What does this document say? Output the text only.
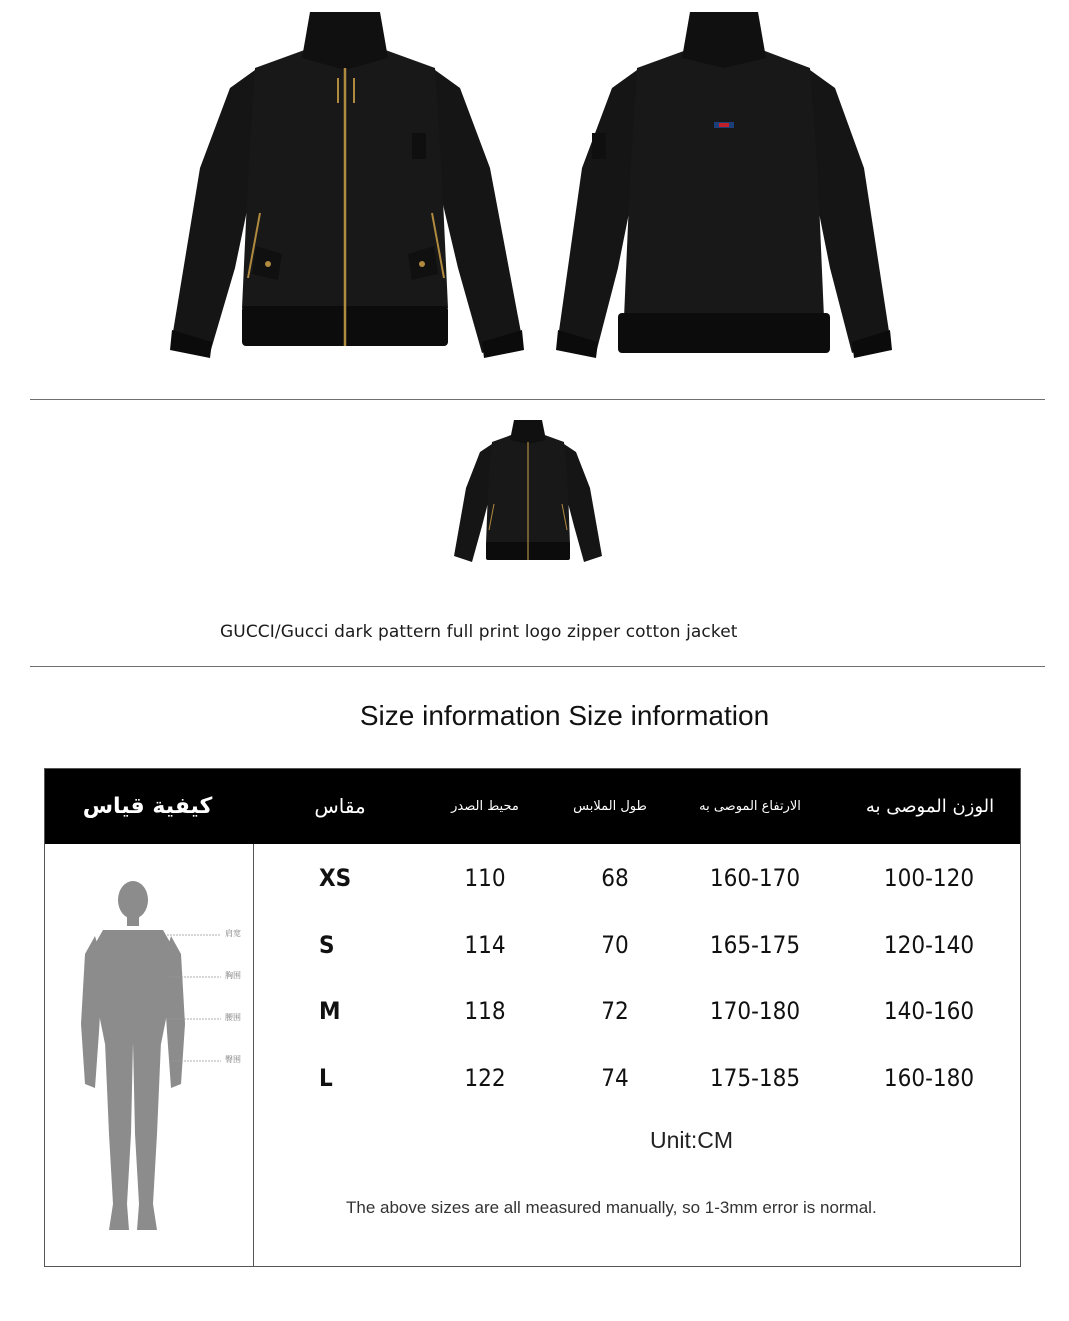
GUCCI/Gucci dark pattern full print logo zipper cotton jacket
Size information Size information
كيفية قياس	مقاس	محيط الصدر	طول الملابس	الارتفاع الموصى به	الوزن الموصى به
肩宽
胸围
腰围
臀围
XS	110	68	160-170	100-120
S	114	70	165-175	120-140
M	118	72	170-180	140-160
L	122	74	175-185	160-180
Unit:CM
The above sizes are all measured manually, so 1-3mm error is normal.
